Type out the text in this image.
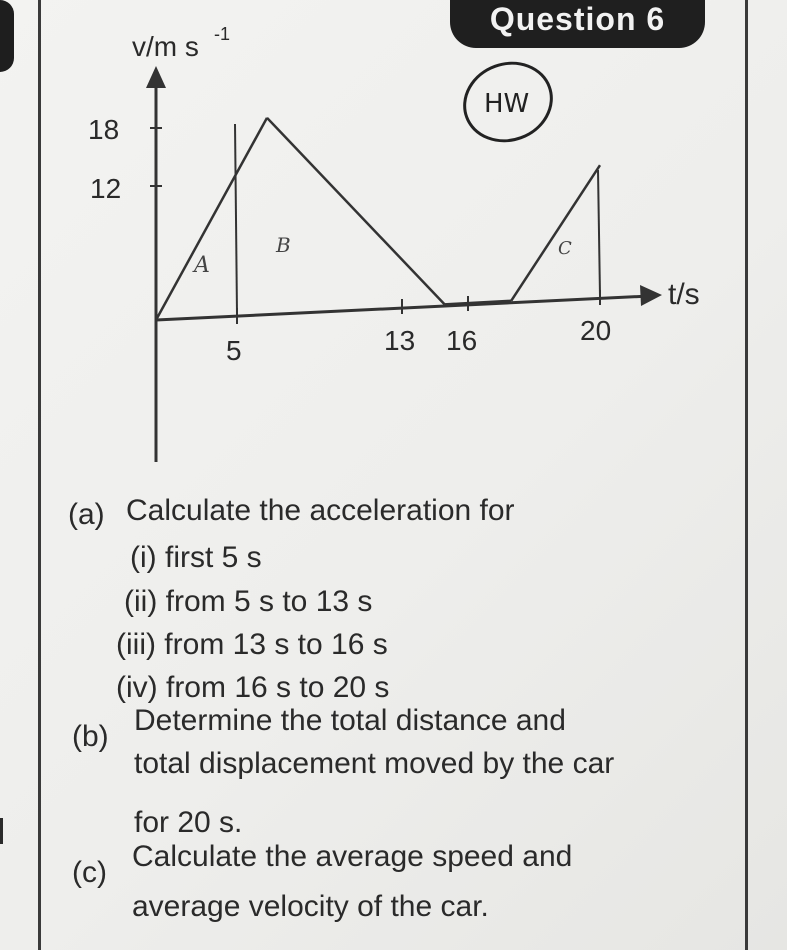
Question 6
v/m s -1
t/s
18
12
5	13 16	20
A
B	C
HW
(a) Calculate the acceleration for
(i) first 5 s
(ii) from 5 s to 13 s
(iii) from 13 s to 16 s
(iv) from 16 s to 20 s
(b) Determine the total distance and
total displacement moved by the car
for 20 s.
(c) Calculate the average speed and
average velocity of the car.
